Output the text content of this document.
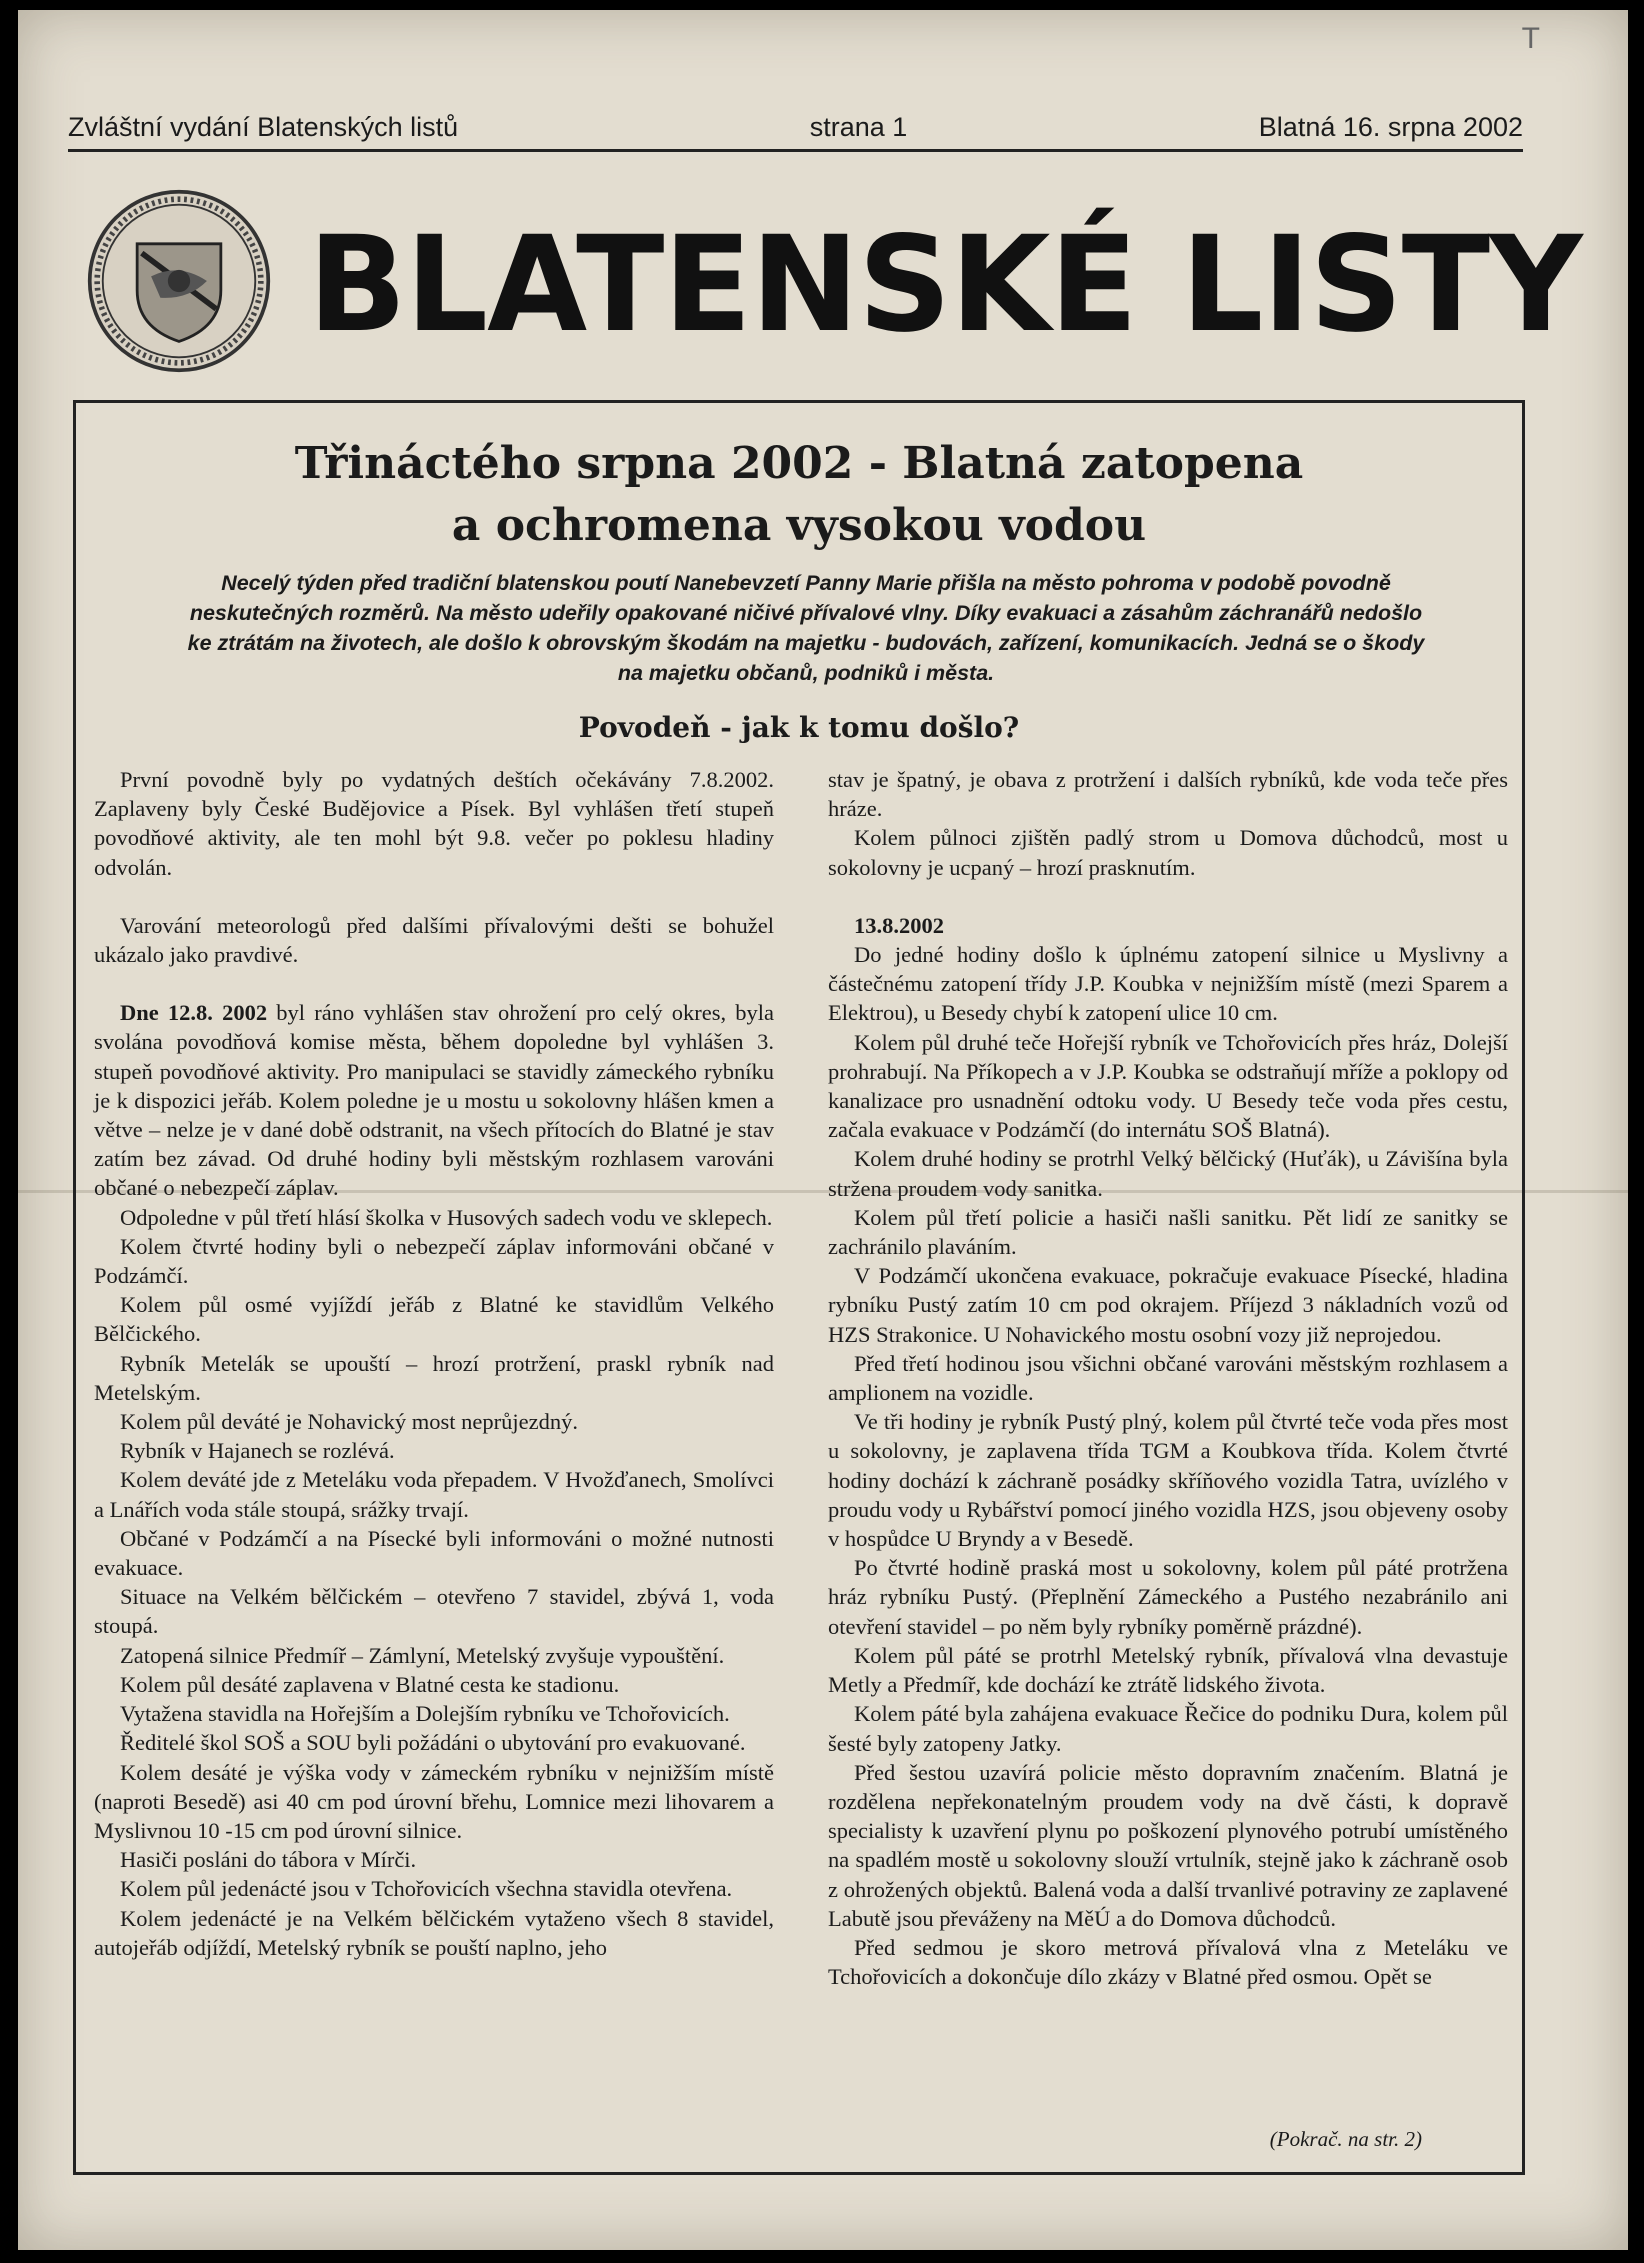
T
Zvláštní vydání Blatenských listů	strana 1	Blatná 16. srpna 2002
BLATENSKÉ LISTY
Třináctého srpna 2002 - Blatná zatopena
a ochromena vysokou vodou
Necelý týden před tradiční blatenskou poutí Nanebevzetí Panny Marie přišla na město pohroma v podobě povodně neskutečných rozměrů. Na město udeřily opakované ničivé přívalové vlny. Díky evakuaci a zásahům záchranářů nedošlo ke ztrátám na životech, ale došlo k obrovským škodám na majetku - budovách, zařízení, komunikacích. Jedná se o škody na majetku občanů, podniků i města.
Povodeň - jak k tomu došlo?

První povodně byly po vydatných deštích očekávány 7.8.2002. Zaplaveny byly České Budějovice a Písek. Byl vyhlášen třetí stupeň povodňové aktivity, ale ten mohl být 9.8. večer po poklesu hladiny odvolán.

Varování meteorologů před dalšími přívalovými dešti se bohužel ukázalo jako pravdivé.

Dne 12.8. 2002 byl ráno vyhlášen stav ohrožení pro celý okres, byla svolána povodňová komise města, během dopoledne byl vyhlášen 3. stupeň povodňové aktivity. Pro manipulaci se stavidly zámeckého rybníku je k dispozici jeřáb. Kolem poledne je u mostu u sokolovny hlášen kmen a větve – nelze je v dané době odstranit, na všech přítocích do Blatné je stav zatím bez závad. Od druhé hodiny byli městským rozhlasem varováni občané o nebezpečí záplav.

Odpoledne v půl třetí hlásí školka v Husových sadech vodu ve sklepech.

Kolem čtvrté hodiny byli o nebezpečí záplav informováni občané v Podzámčí.

Kolem půl osmé vyjíždí jeřáb z Blatné ke stavidlům Velkého Bělčického.

Rybník Metelák se upouští – hrozí protržení, praskl rybník nad Metelským.

Kolem půl deváté je Nohavický most neprůjezdný.

Rybník v Hajanech se rozlévá.

Kolem deváté jde z Meteláku voda přepadem. V Hvožďanech, Smolívci a Lnářích voda stále stoupá, srážky trvají.

Občané v Podzámčí a na Písecké byli informováni o možné nutnosti evakuace.

Situace na Velkém bělčickém – otevřeno 7 stavidel, zbývá 1, voda stoupá.

Zatopená silnice Předmíř – Zámlyní, Metelský zvyšuje vypouštění.

Kolem půl desáté zaplavena v Blatné cesta ke stadionu.

Vytažena stavidla na Hořejším a Dolejším rybníku ve Tchořovicích.

Ředitelé škol SOŠ a SOU byli požádáni o ubytování pro evakuované.

Kolem desáté je výška vody v zámeckém rybníku v nejnižším místě (naproti Besedě) asi 40 cm pod úrovní břehu, Lomnice mezi lihovarem a Myslivnou 10 -15 cm pod úrovní silnice.

Hasiči posláni do tábora v Mírči.

Kolem půl jedenácté jsou v Tchořovicích všechna stavidla otevřena.

Kolem jedenácté je na Velkém bělčickém vytaženo všech 8 stavidel, autojeřáb odjíždí, Metelský rybník se pouští naplno, jeho

stav je špatný, je obava z protržení i dalších rybníků, kde voda teče přes hráze.

Kolem půlnoci zjištěn padlý strom u Domova důchodců, most u sokolovny je ucpaný – hrozí prasknutím.

13.8.2002

Do jedné hodiny došlo k úplnému zatopení silnice u Myslivny a částečnému zatopení třídy J.P. Koubka v nejnižším místě (mezi Sparem a Elektrou), u Besedy chybí k zatopení ulice 10 cm.

Kolem půl druhé teče Hořejší rybník ve Tchořovicích přes hráz, Dolejší prohrabují. Na Příkopech a v J.P. Koubka se odstraňují mříže a poklopy od kanalizace pro usnadnění odtoku vody. U Besedy teče voda přes cestu, začala evakuace v Podzámčí (do internátu SOŠ Blatná).

Kolem druhé hodiny se protrhl Velký bělčický (Huťák), u Závišína byla stržena proudem vody sanitka.

Kolem půl třetí policie a hasiči našli sanitku. Pět lidí ze sanitky se zachránilo plaváním.

V Podzámčí ukončena evakuace, pokračuje evakuace Písecké, hladina rybníku Pustý zatím 10 cm pod okrajem. Příjezd 3 nákladních vozů od HZS Strakonice. U Nohavického mostu osobní vozy již neprojedou.

Před třetí hodinou jsou všichni občané varováni městským rozhlasem a amplionem na vozidle.

Ve tři hodiny je rybník Pustý plný, kolem půl čtvrté teče voda přes most u sokolovny, je zaplavena třída TGM a Koubkova třída. Kolem čtvrté hodiny dochází k záchraně posádky skříňového vozidla Tatra, uvízlého v proudu vody u Rybářství pomocí jiného vozidla HZS, jsou objeveny osoby v hospůdce U Bryndy a v Besedě.

Po čtvrté hodině praská most u sokolovny, kolem půl páté protržena hráz rybníku Pustý. (Přeplnění Zámeckého a Pustého nezabránilo ani otevření stavidel – po něm byly rybníky poměrně prázdné).

Kolem půl páté se protrhl Metelský rybník, přívalová vlna devastuje Metly a Předmíř, kde dochází ke ztrátě lidského života.

Kolem páté byla zahájena evakuace Řečice do podniku Dura, kolem půl šesté byly zatopeny Jatky.

Před šestou uzavírá policie město dopravním značením. Blatná je rozdělena nepřekonatelným proudem vody na dvě části, k dopravě specialisty k uzavření plynu po poškození plynového potrubí umístěného na spadlém mostě u sokolovny slouží vrtulník, stejně jako k záchraně osob z ohrožených objektů. Balená voda a další trvanlivé potraviny ze zaplavené Labutě jsou převáženy na MěÚ a do Domova důchodců.

Před sedmou je skoro metrová přívalová vlna z Meteláku ve Tchořovicích a dokončuje dílo zkázy v Blatné před osmou. Opět se

(Pokrač. na str. 2)
